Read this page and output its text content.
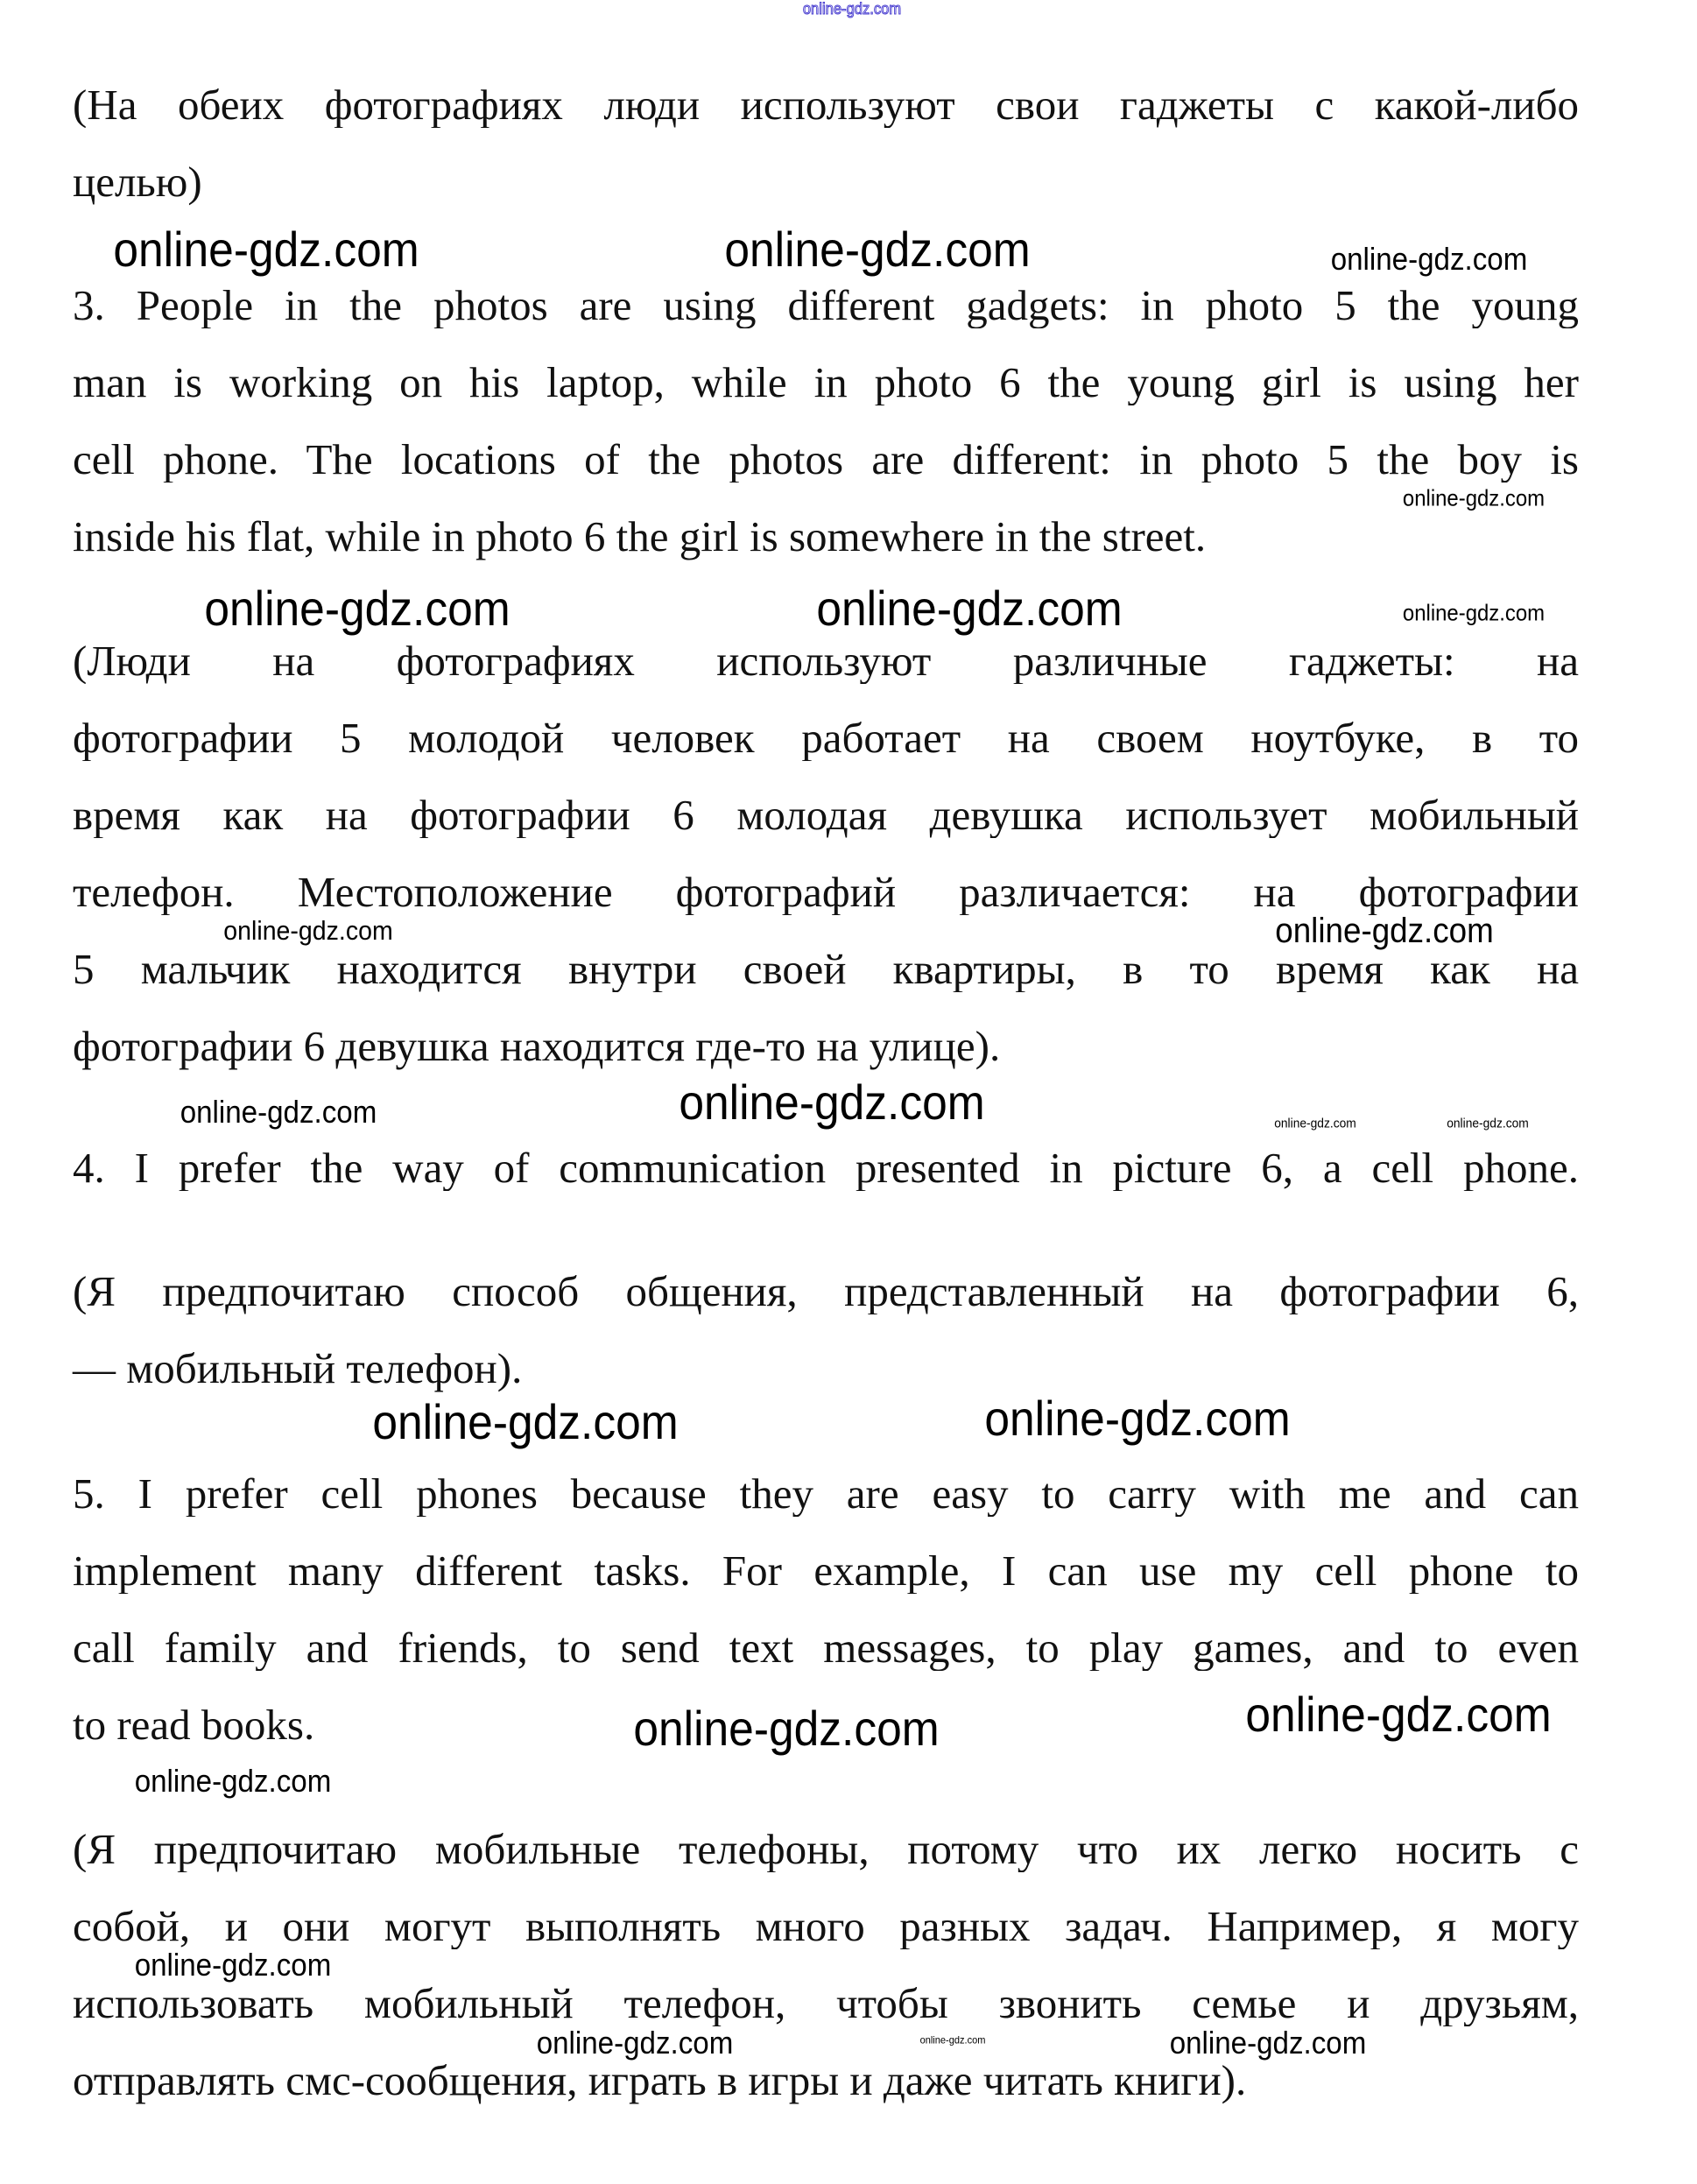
online-gdz.com
(На обеих фотографиях люди используют свои гаджеты с какой-либо
целью)
3. People in the photos are using different gadgets: in photo 5 the young
man is working on his laptop, while in photo 6 the young girl is using her
cell phone. The locations of the photos are different: in photo 5 the boy is
inside his flat, while in photo 6 the girl is somewhere in the street.
(Люди на фотографиях используют различные гаджеты: на
фотографии 5 молодой человек работает на своем ноутбуке, в то
время как на фотографии 6 молодая девушка использует мобильный
телефон. Местоположение фотографий различается: на фотографии
5 мальчик находится внутри своей квартиры, в то время как на
фотографии 6 девушка находится где-то на улице).
4. I prefer the way of communication presented in picture 6, a cell phone.
(Я предпочитаю способ общения, представленный на фотографии 6,
— мобильный телефон).
5. I prefer cell phones because they are easy to carry with me and can
implement many different tasks. For example, I can use my cell phone to
call family and friends, to send text messages, to play games, and to even
to read books.
(Я предпочитаю мобильные телефоны, потому что их легко носить с
собой, и они могут выполнять много разных задач. Например, я могу
использовать мобильный телефон, чтобы звонить семье и друзьям,
отправлять смс-сообщения, играть в игры и даже читать книги).
online-gdz.com	online-gdz.com	online-gdz.com
online-gdz.com
online-gdz.com	online-gdz.com	online-gdz.com
online-gdz.com	online-gdz.com
online-gdz.com	online-gdz.com	online-gdz.com	online-gdz.com
online-gdz.com	online-gdz.com
online-gdz.com	online-gdz.com
online-gdz.com
online-gdz.com
online-gdz.com	online-gdz.com	online-gdz.com
